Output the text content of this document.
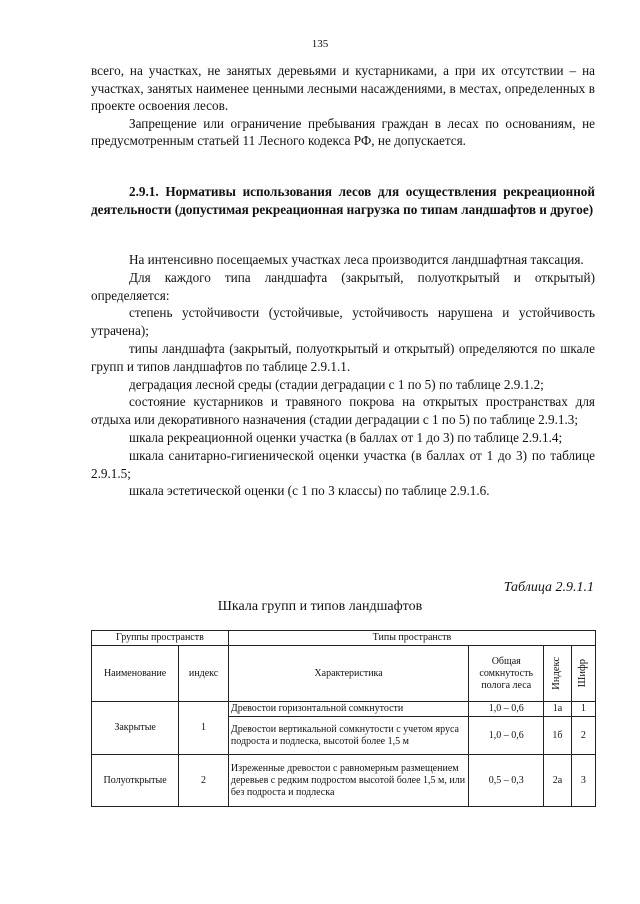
135

всего, на участках, не занятых деревьями и кустарниками, а при их отсутствии – на участках, занятых наименее ценными лесными насаждениями, в местах, определенных в проекте освоения лесов.

Запрещение или ограничение пребывания граждан в лесах по основаниям, не предусмотренным статьей 11 Лесного кодекса РФ, не допускается.

2.9.1. Нормативы использования лесов для осуществления рекреационной деятельности (допустимая рекреационная нагрузка по типам ландшафтов и другое)

На интенсивно посещаемых участках леса производится ландшафтная таксация.

Для каждого типа ландшафта (закрытый, полуоткрытый и открытый) определяется:

степень устойчивости (устойчивые, устойчивость нарушена и устойчивость утрачена);

типы ландшафта (закрытый, полуоткрытый и открытый) определяются по шкале групп и типов ландшафтов по таблице 2.9.1.1.

деградация лесной среды (стадии деградации с 1 по 5) по таблице 2.9.1.2;

состояние кустарников и травяного покрова на открытых пространствах для отдыха или декоративного назначения (стадии деградации с 1 по 5) по таблице 2.9.1.3;

шкала рекреационной оценки участка (в баллах от 1 до 3) по таблице 2.9.1.4;

шкала санитарно-гигиенической оценки участка (в баллах от 1 до 3) по таблице 2.9.1.5;

шкала эстетической оценки (с 1 по 3 классы) по таблице 2.9.1.6.

Таблица 2.9.1.1
Шкала групп и типов ландшафтов
Группы пространств		Типы пространств			
Наименование	индекс	Характеристика	Общая сомкнутость полога леса	Индекс	Шифр

Закрытые	1	Древостои горизонтальной сомкнутости	1,0 – 0,6	1а	1
		Древостои вертикальной сомкнутости с учетом яруса подроста и подлеска, высотой более 1,5 м	1,0 – 0,6	1б	2
Полуоткрытые	2	Изреженные древостои с равномерным размещением деревьев с редким подростом высотой более 1,5 м, или без подроста и подлеска	0,5 – 0,3	2а	3
